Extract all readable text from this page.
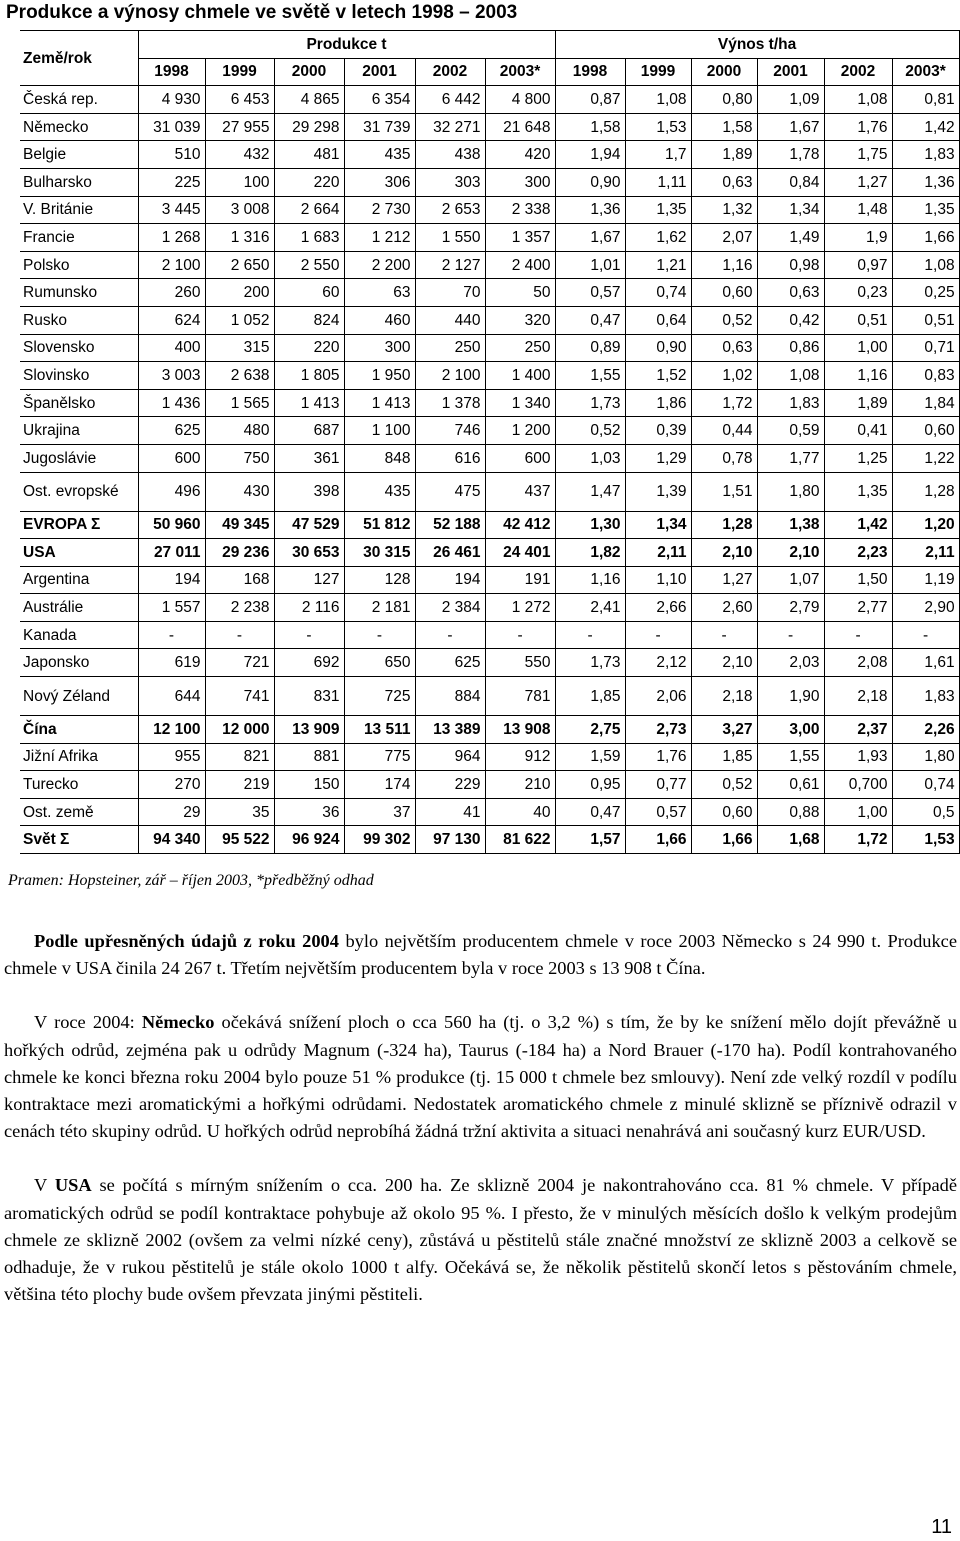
Produkce a výnosy chmele ve světě v letech 1998 – 2003
Země/rok	Produkce t						Výnos t/ha					
	1998	1999	2000	2001	2002	2003*	1998	1999	2000	2001	2002	2003*
Česká rep.	4 930	6 453	4 865	6 354	6 442	4 800	0,87	1,08	0,80	1,09	1,08	0,81
Německo	31 039	27 955	29 298	31 739	32 271	21 648	1,58	1,53	1,58	1,67	1,76	1,42
Belgie	510	432	481	435	438	420	1,94	1,7	1,89	1,78	1,75	1,83
Bulharsko	225	100	220	306	303	300	0,90	1,11	0,63	0,84	1,27	1,36
V. Británie	3 445	3 008	2 664	2 730	2 653	2 338	1,36	1,35	1,32	1,34	1,48	1,35
Francie	1 268	1 316	1 683	1 212	1 550	1 357	1,67	1,62	2,07	1,49	1,9	1,66
Polsko	2 100	2 650	2 550	2 200	2 127	2 400	1,01	1,21	1,16	0,98	0,97	1,08
Rumunsko	260	200	60	63	70	50	0,57	0,74	0,60	0,63	0,23	0,25
Rusko	624	1 052	824	460	440	320	0,47	0,64	0,52	0,42	0,51	0,51
Slovensko	400	315	220	300	250	250	0,89	0,90	0,63	0,86	1,00	0,71
Slovinsko	3 003	2 638	1 805	1 950	2 100	1 400	1,55	1,52	1,02	1,08	1,16	0,83
Španělsko	1 436	1 565	1 413	1 413	1 378	1 340	1,73	1,86	1,72	1,83	1,89	1,84
Ukrajina	625	480	687	1 100	746	1 200	0,52	0,39	0,44	0,59	0,41	0,60
Jugoslávie	600	750	361	848	616	600	1,03	1,29	0,78	1,77	1,25	1,22
Ost. evropské	496	430	398	435	475	437	1,47	1,39	1,51	1,80	1,35	1,28
EVROPA Σ	50 960	49 345	47 529	51 812	52 188	42 412	1,30	1,34	1,28	1,38	1,42	1,20
USA	27 011	29 236	30 653	30 315	26 461	24 401	1,82	2,11	2,10	2,10	2,23	2,11
Argentina	194	168	127	128	194	191	1,16	1,10	1,27	1,07	1,50	1,19
Austrálie	1 557	2 238	2 116	2 181	2 384	1 272	2,41	2,66	2,60	2,79	2,77	2,90
Kanada	-	-	-	-	-	-	-	-	-	-	-	-
Japonsko	619	721	692	650	625	550	1,73	2,12	2,10	2,03	2,08	1,61
Nový Zéland	644	741	831	725	884	781	1,85	2,06	2,18	1,90	2,18	1,83
Čína	12 100	12 000	13 909	13 511	13 389	13 908	2,75	2,73	3,27	3,00	2,37	2,26
Jižní Afrika	955	821	881	775	964	912	1,59	1,76	1,85	1,55	1,93	1,80
Turecko	270	219	150	174	229	210	0,95	0,77	0,52	0,61	0,700	0,74
Ost. země	29	35	36	37	41	40	0,47	0,57	0,60	0,88	1,00	0,5
Svět Σ	94 340	95 522	96 924	99 302	97 130	81 622	1,57	1,66	1,66	1,68	1,72	1,53
Pramen: Hopsteiner, zář – říjen 2003, *předběžný odhad

Podle upřesněných údajů z roku 2004 bylo největším producentem chmele v roce 2003 Německo s 24 990 t. Produkce chmele v USA činila 24 267 t. Třetím největším producentem byla v roce 2003 s 13 908 t Čína.

V roce 2004: Německo očekává snížení ploch o cca 560 ha (tj. o 3,2 %) s tím, že by ke snížení mělo dojít převážně u hořkých odrůd, zejména pak u odrůdy Magnum (-324 ha), Taurus (-184 ha) a Nord Brauer (-170 ha). Podíl kontrahovaného chmele ke konci března roku 2004 bylo pouze 51 % produkce (tj. 15 000 t chmele bez smlouvy). Není zde velký rozdíl v podílu kontraktace mezi aromatickými a hořkými odrůdami. Nedostatek aromatického chmele z minulé sklizně se příznivě odrazil v cenách této skupiny odrůd. U hořkých odrůd neprobíhá žádná tržní aktivita a situaci nenahrává ani současný kurz EUR/USD.

V USA se počítá s mírným snížením o cca. 200 ha. Ze sklizně 2004 je nakontrahováno cca. 81 % chmele. V případě aromatických odrůd se podíl kontraktace pohybuje až okolo 95 %. I přesto, že v minulých měsících došlo k velkým prodejům chmele ze sklizně 2002 (ovšem za velmi nízké ceny), zůstává u pěstitelů stále značné množství ze sklizně 2003 a celkově se odhaduje, že v rukou pěstitelů je stále okolo 1000 t alfy. Očekává se, že několik pěstitelů skončí letos s pěstováním chmele, většina této plochy bude ovšem převzata jinými pěstiteli.

11
